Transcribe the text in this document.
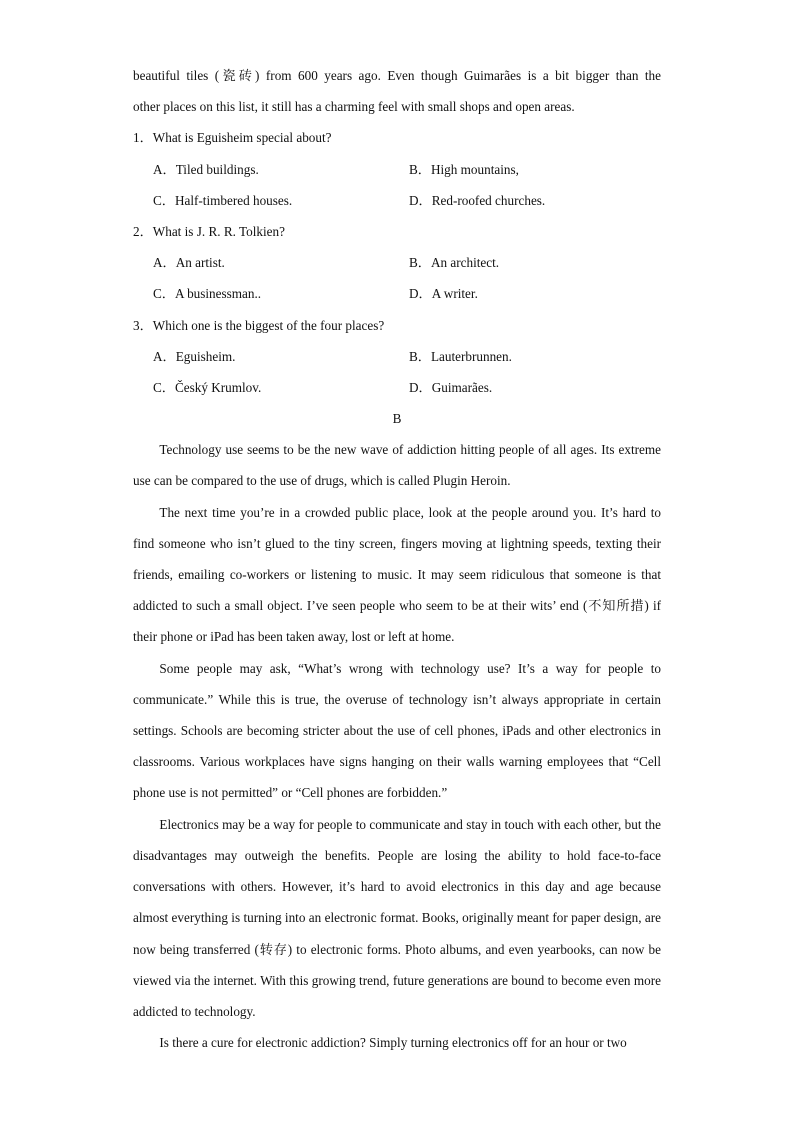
beautiful tiles (瓷砖) from 600 years ago. Even though Guimarães is a bit bigger than the
other places on this list, it still has a charming feel with small shops and open areas.
1．What is Eguisheim special about?
A．Tiled buildings.	B．High mountains,
C．Half-timbered houses.	D．Red-roofed churches.
2．What is J. R. R. Tolkien?
A．An artist.	B．An architect.
C．A businessman..	D．A writer.
3．Which one is the biggest of the four places?
A．Eguisheim.	B．Lauterbrunnen.
C．Český Krumlov.	D．Guimarães.
B

Technology use seems to be the new wave of addiction hitting people of all ages. Its extreme use can be compared to the use of drugs, which is called Plugin Heroin.

The next time you’re in a crowded public place, look at the people around you. It’s hard to find someone who isn’t glued to the tiny screen, fingers moving at lightning speeds, texting their friends, emailing co-workers or listening to music. It may seem ridiculous that someone is that addicted to such a small object. I’ve seen people who seem to be at their wits’ end (不知所措) if their phone or iPad has been taken away, lost or left at home.

Some people may ask, “What’s wrong with technology use? It’s a way for people to communicate.” While this is true, the overuse of technology isn’t always appropriate in certain settings. Schools are becoming stricter about the use of cell phones, iPads and other electronics in classrooms. Various workplaces have signs hanging on their walls warning employees that “Cell phone use is not permitted” or “Cell phones are forbidden.”

Electronics may be a way for people to communicate and stay in touch with each other, but the disadvantages may outweigh the benefits. People are losing the ability to hold face-to-face conversations with others. However, it’s hard to avoid electronics in this day and age because almost everything is turning into an electronic format. Books, originally meant for paper design, are now being transferred (转存) to electronic forms. Photo albums, and even yearbooks, can now be viewed via the internet. With this growing trend, future generations are bound to become even more addicted to technology.

Is there a cure for electronic addiction? Simply turning electronics off for an hour or two
